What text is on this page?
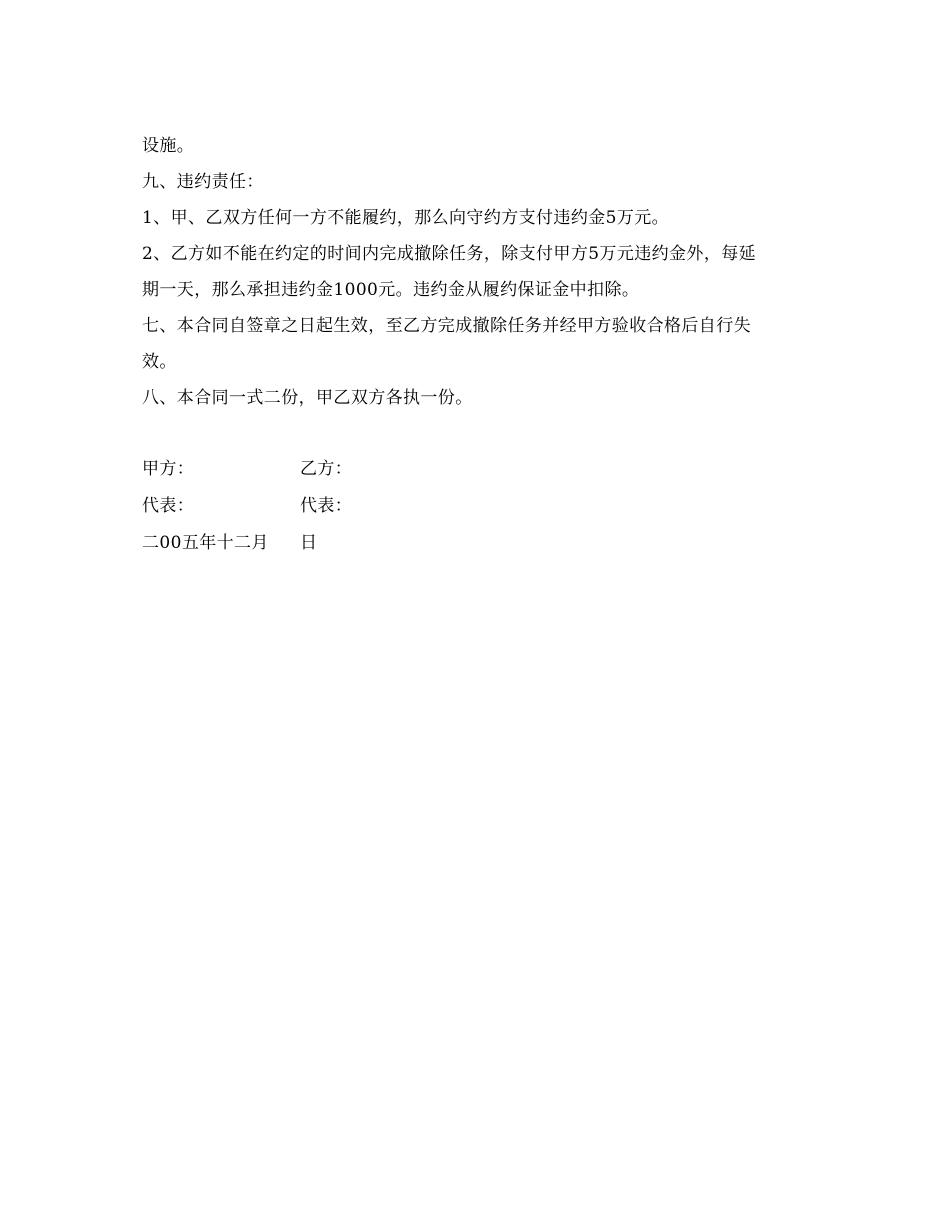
设施。
九、违约责任：
1、甲、乙双方任何一方不能履约，那么向守约方支付违约金5万元。
2、乙方如不能在约定的时间内完成撤除任务，除支付甲方5万元违约金外，每延
期一天，那么承担违约金1000元。违约金从履约保证金中扣除。
七、本合同自签章之日起生效，至乙方完成撤除任务并经甲方验收合格后自行失
效。
八、本合同一式二份，甲乙双方各执一份。
甲方：	乙方：
代表：	代表：
二00五年十二月 日
